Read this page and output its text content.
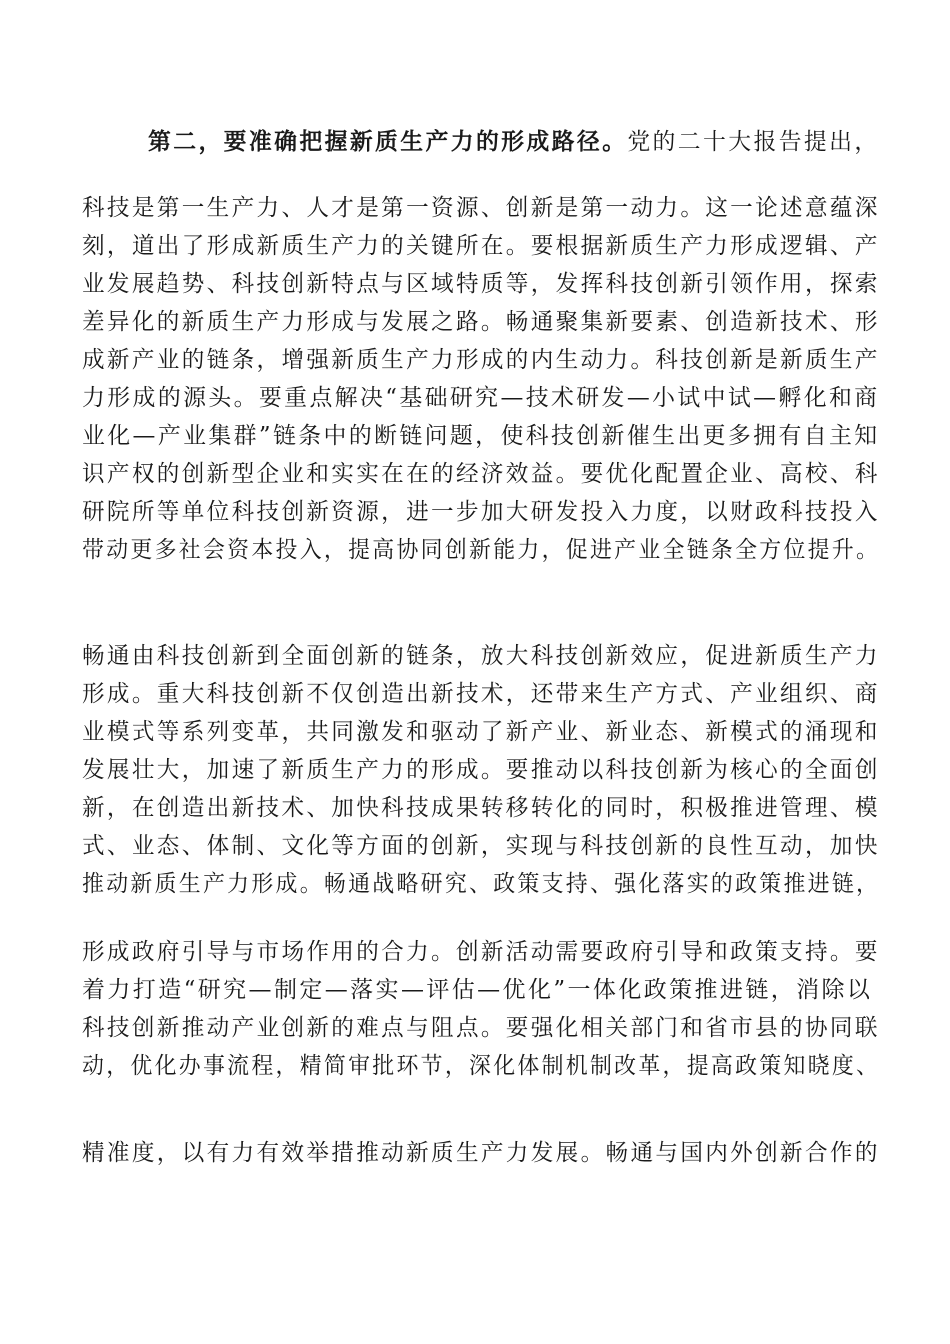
第二，要准确把握新质生产力的形成路径。党的二十大报告提出，
科技是第一生产力、人才是第一资源、创新是第一动力。这一论述意蕴深
刻，道出了形成新质生产力的关键所在。要根据新质生产力形成逻辑、产
业发展趋势、科技创新特点与区域特质等，发挥科技创新引领作用，探索
差异化的新质生产力形成与发展之路。畅通聚集新要素、创造新技术、形
成新产业的链条，增强新质生产力形成的内生动力。科技创新是新质生产
力形成的源头。要重点解决“基础研究—技术研发—小试中试—孵化和商
业化—产业集群”链条中的断链问题，使科技创新催生出更多拥有自主知
识产权的创新型企业和实实在在的经济效益。要优化配置企业、高校、科
研院所等单位科技创新资源，进一步加大研发投入力度，以财政科技投入
带动更多社会资本投入，提高协同创新能力，促进产业全链条全方位提升。
畅通由科技创新到全面创新的链条，放大科技创新效应，促进新质生产力
形成。重大科技创新不仅创造出新技术，还带来生产方式、产业组织、商
业模式等系列变革，共同激发和驱动了新产业、新业态、新模式的涌现和
发展壮大，加速了新质生产力的形成。要推动以科技创新为核心的全面创
新，在创造出新技术、加快科技成果转移转化的同时，积极推进管理、模
式、业态、体制、文化等方面的创新，实现与科技创新的良性互动，加快
推动新质生产力形成。畅通战略研究、政策支持、强化落实的政策推进链，
形成政府引导与市场作用的合力。创新活动需要政府引导和政策支持。要
着力打造“研究—制定—落实—评估—优化”一体化政策推进链，消除以
科技创新推动产业创新的难点与阻点。要强化相关部门和省市县的协同联
动，优化办事流程，精简审批环节，深化体制机制改革，提高政策知晓度、
精准度，以有力有效举措推动新质生产力发展。畅通与国内外创新合作的
